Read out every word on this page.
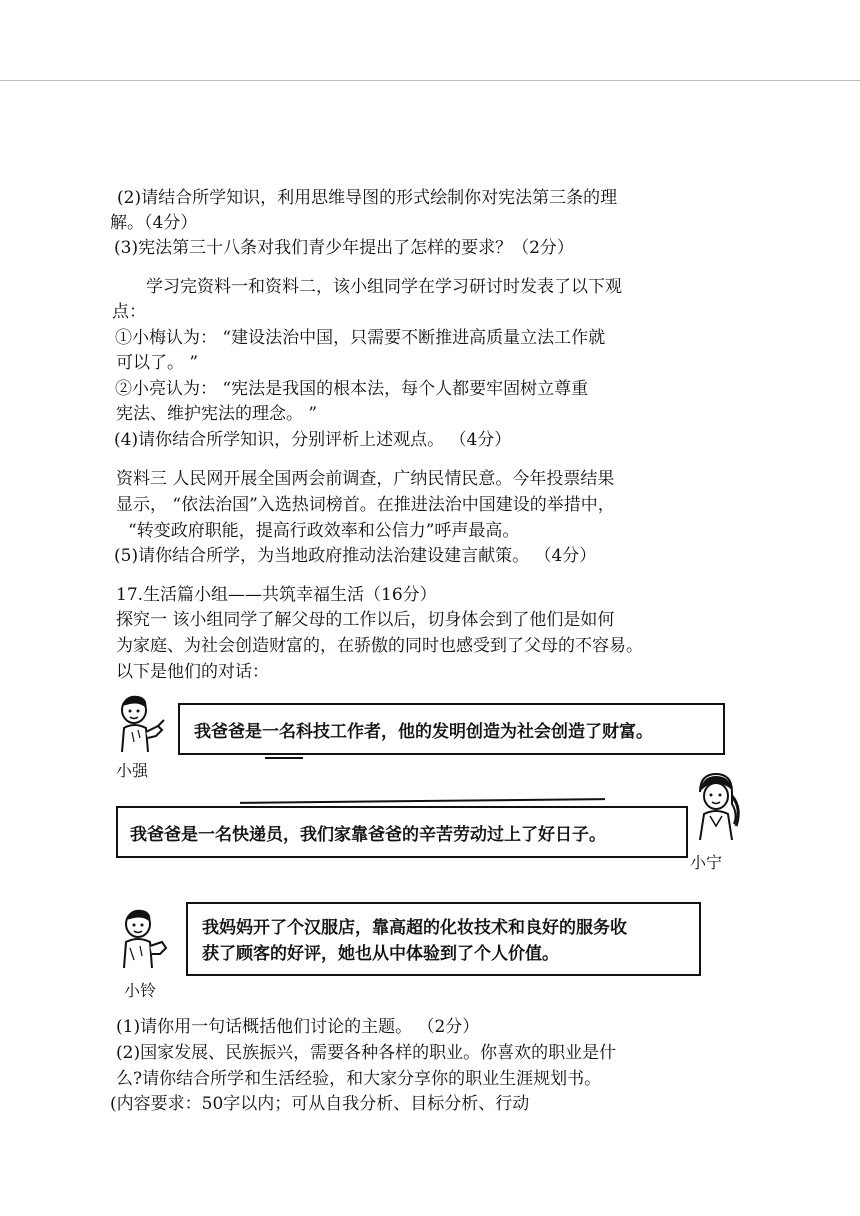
(2)请结合所学知识，利用思维导图的形式绘制你对宪法第三条的理
解。（4分）
(3)宪法第三十八条对我们青少年提出了怎样的要求？（2分）
学习完资料一和资料二，该小组同学在学习研讨时发表了以下观
点：
①小梅认为： “建设法治中国，只需要不断推进高质量立法工作就
可以了。 ”
②小亮认为： “宪法是我国的根本法，每个人都要牢固树立尊重
宪法、维护宪法的理念。 ”
(4)请你结合所学知识，分别评析上述观点。 （4分）
资料三 人民网开展全国两会前调查，广纳民情民意。今年投票结果
显示， “依法治国”入选热词榜首。在推进法治中国建设的举措中，
“转变政府职能，提高行政效率和公信力”呼声最高。
(5)请你结合所学，为当地政府推动法治建设建言献策。 （4分）
17.生活篇小组——共筑幸福生活（16分）
探究一 该小组同学了解父母的工作以后，切身体会到了他们是如何
为家庭、为社会创造财富的，在骄傲的同时也感受到了父母的不容易。
以下是他们的对话：
小强
我爸爸是一名科技工作者，他的发明创造为社会创造了财富。
我爸爸是一名快递员，我们家靠爸爸的辛苦劳动过上了好日子。
小宁
小铃
我妈妈开了个汉服店，靠高超的化妆技术和良好的服务收
获了顾客的好评，她也从中体验到了个人价值。
(1)请你用一句话概括他们讨论的主题。 （2分）
(2)国家发展、民族振兴，需要各种各样的职业。你喜欢的职业是什
么?请你结合所学和生活经验，和大家分享你的职业生涯规划书。
(内容要求：50字以内；可从自我分析、目标分析、行动
